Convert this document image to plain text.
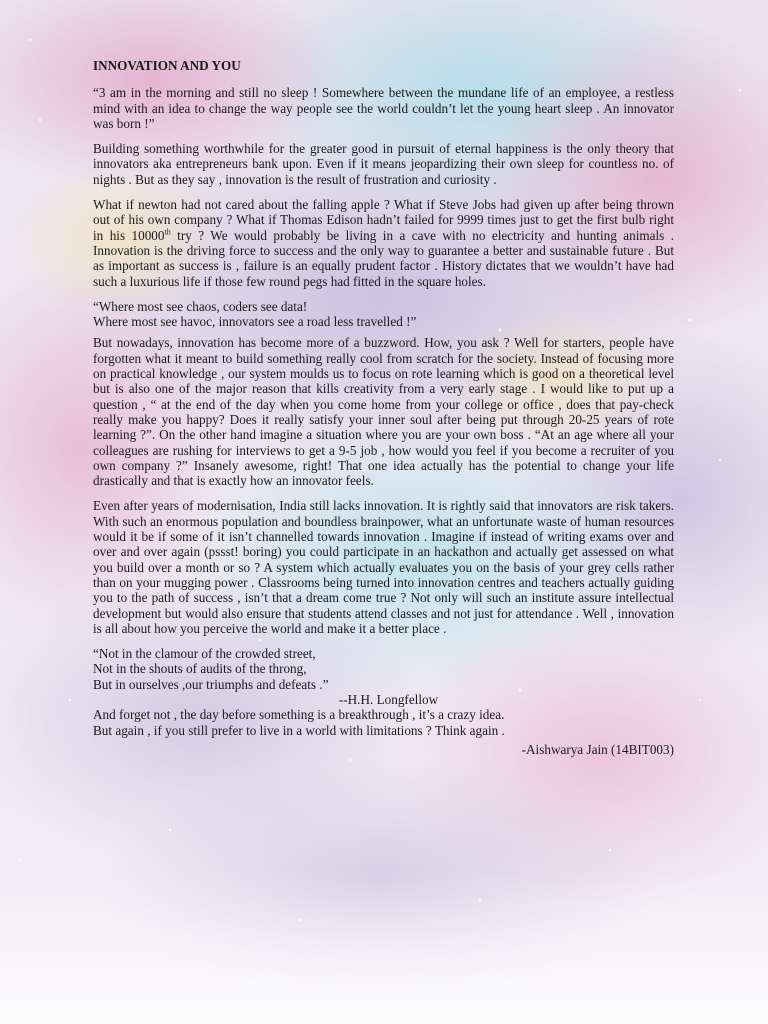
INNOVATION AND YOU

“3 am in the morning and still no sleep ! Somewhere between the mundane life of an employee, a restless mind with an idea to change the way people see the world couldn’t let the young heart sleep . An innovator was born !”

Building something worthwhile for the greater good in pursuit of eternal happiness is the only theory that innovators aka entrepreneurs bank upon. Even if it means jeopardizing their own sleep for countless no. of nights . But as they say , innovation is the result of frustration and curiosity .

What if newton had not cared about the falling apple ? What if Steve Jobs had given up after being thrown out of his own company ? What if Thomas Edison hadn’t failed for 9999 times just to get the first bulb right in his 10000th try ? We would probably be living in a cave with no electricity and hunting animals . Innovation is the driving force to success and the only way to guarantee a better and sustainable future . But as important as success is , failure is an equally prudent factor . History dictates that we wouldn’t have had such a luxurious life if those few round pegs had fitted in the square holes.

“Where most see chaos, coders see data!
Where most see havoc, innovators see a road less travelled !”

But nowadays, innovation has become more of a buzzword. How, you ask ? Well for starters, people have forgotten what it meant to build something really cool from scratch for the society. Instead of focusing more on practical knowledge , our system moulds us to focus on rote learning which is good on a theoretical level but is also one of the major reason that kills creativity from a very early stage . I would like to put up a question , “ at the end of the day when you come home from your college or office , does that pay-check really make you happy? Does it really satisfy your inner soul after being put through 20-25 years of rote learning ?”. On the other hand imagine a situation where you are your own boss . “At an age where all your colleagues are rushing for interviews to get a 9-5 job , how would you feel if you become a recruiter of you own company ?” Insanely awesome, right! That one idea actually has the potential to change your life drastically and that is exactly how an innovator feels.

Even after years of modernisation, India still lacks innovation. It is rightly said that innovators are risk takers. With such an enormous population and boundless brainpower, what an unfortunate waste of human resources would it be if some of it isn’t channelled towards innovation . Imagine if instead of writing exams over and over and over again (pssst! boring) you could participate in an hackathon and actually get assessed on what you build over a month or so ? A system which actually evaluates you on the basis of your grey cells rather than on your mugging power . Classrooms being turned into innovation centres and teachers actually guiding you to the path of success , isn’t that a dream come true ? Not only will such an institute assure intellectual development but would also ensure that students attend classes and not just for attendance . Well , innovation is all about how you perceive the world and make it a better place .

“Not in the clamour of the crowded street,
Not in the shouts of audits of the throng,
But in ourselves ,our triumphs and defeats .”
--H.H. Longfellow
And forget not , the day before something is a breakthrough , it’s a crazy idea.
But again , if you still prefer to live in a world with limitations ? Think again .
-Aishwarya Jain (14BIT003)
